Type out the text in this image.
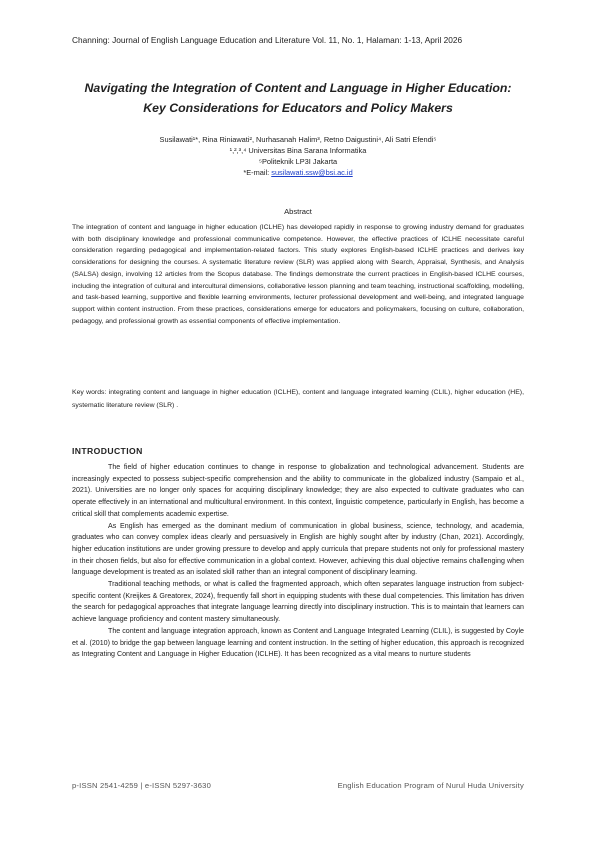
Channing: Journal of English Language Education and Literature Vol. 11, No. 1, Halaman: 1-13, April 2026
Navigating the Integration of Content and Language in Higher Education: Key Considerations for Educators and Policy Makers
Susilawati¹*, Rina Riniawati², Nurhasanah Halim³, Retno Daigustini⁴, Ali Satri Efendi⁵
¹,²,³,⁴ Universitas Bina Sarana Informatika
⁵Politeknik LP3I Jakarta
*E-mail: susilawati.ssw@bsi.ac.id
Abstract
The integration of content and language in higher education (ICLHE) has developed rapidly in response to growing industry demand for graduates with both disciplinary knowledge and professional communicative competence. However, the effective practices of ICLHE necessitate careful consideration regarding pedagogical and implementation-related factors. This study explores English-based ICLHE practices and derives key considerations for designing the courses. A systematic literature review (SLR) was applied along with Search, Appraisal, Synthesis, and Analysis (SALSA) design, involving 12 articles from the Scopus database. The findings demonstrate the current practices in English-based ICLHE courses, including the integration of cultural and intercultural dimensions, collaborative lesson planning and team teaching, instructional scaffolding, modelling, and task-based learning, supportive and flexible learning environments, lecturer professional development and well-being, and integrated language support within content instruction. From these practices, considerations emerge for educators and policymakers, focusing on culture, collaboration, pedagogy, and professional growth as essential components of effective implementation.
Key words: integrating content and language in higher education (ICLHE), content and language integrated learning (CLIL), higher education (HE), systematic literature review (SLR) .
INTRODUCTION

The field of higher education continues to change in response to globalization and technological advancement. Students are increasingly expected to possess subject-specific comprehension and the ability to communicate in the globalized industry (Sampaio et al., 2021). Universities are no longer only spaces for acquiring disciplinary knowledge; they are also expected to cultivate graduates who can operate effectively in an international and multicultural environment. In this context, linguistic competence, particularly in English, has become a critical skill that complements academic expertise.

As English has emerged as the dominant medium of communication in global business, science, technology, and academia, graduates who can convey complex ideas clearly and persuasively in English are highly sought after by industry (Chan, 2021). Accordingly, higher education institutions are under growing pressure to develop and apply curricula that prepare students not only for professional mastery in their chosen fields, but also for effective communication in a global context. However, achieving this dual objective remains challenging when language development is treated as an isolated skill rather than an integral component of disciplinary learning.

Traditional teaching methods, or what is called the fragmented approach, which often separates language instruction from subject-specific content (Kreijkes & Greatorex, 2024), frequently fall short in equipping students with these dual competencies. This limitation has driven the search for pedagogical approaches that integrate language learning directly into disciplinary instruction. This is to maintain that learners can achieve language proficiency and content mastery simultaneously.

The content and language integration approach, known as Content and Language Integrated Learning (CLIL), is suggested by Coyle et al. (2010) to bridge the gap between language learning and content instruction. In the setting of higher education, this approach is recognized as Integrating Content and Language in Higher Education (ICLHE). It has been recognized as a vital means to nurture students

p-ISSN 2541-4259 | e-ISSN 5297-3630	English Education Program of Nurul Huda University
